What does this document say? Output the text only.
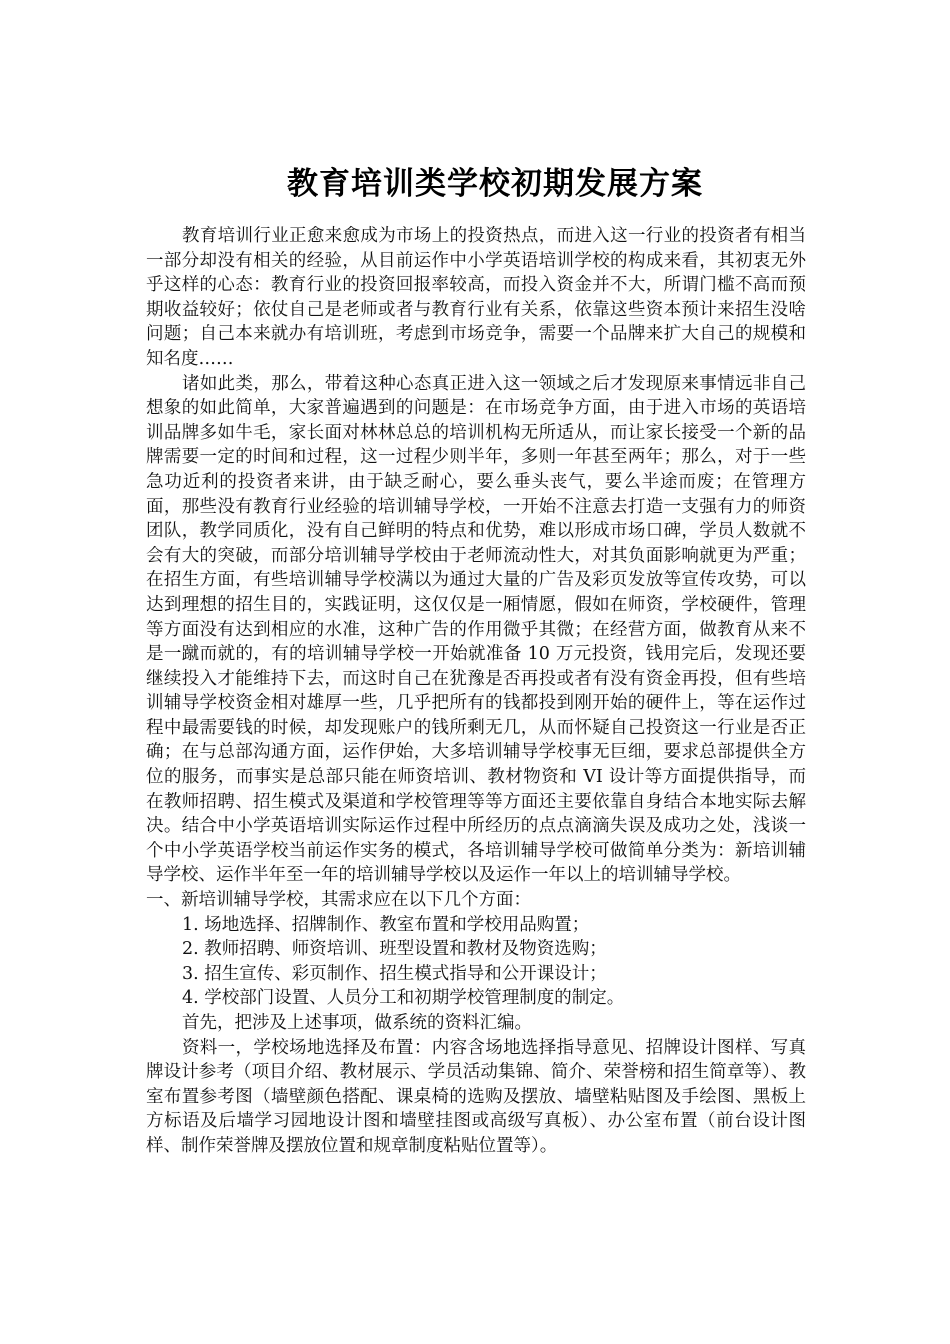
教育培训类学校初期发展方案

教育培训行业正愈来愈成为市场上的投资热点，而进入这一行业的投资者有相当一部分却没有相关的经验，从目前运作中小学英语培训学校的构成来看，其初衷无外乎这样的心态：教育行业的投资回报率较高，而投入资金并不大，所谓门槛不高而预期收益较好；依仗自己是老师或者与教育行业有关系，依靠这些资本预计来招生没啥问题；自己本来就办有培训班，考虑到市场竞争，需要一个品牌来扩大自己的规模和知名度……

诸如此类，那么，带着这种心态真正进入这一领域之后才发现原来事情远非自己想象的如此简单，大家普遍遇到的问题是：在市场竞争方面，由于进入市场的英语培训品牌多如牛毛，家长面对林林总总的培训机构无所适从，而让家长接受一个新的品牌需要一定的时间和过程，这一过程少则半年，多则一年甚至两年；那么，对于一些急功近利的投资者来讲，由于缺乏耐心，要么垂头丧气，要么半途而废；在管理方面，那些没有教育行业经验的培训辅导学校，一开始不注意去打造一支强有力的师资团队，教学同质化，没有自己鲜明的特点和优势，难以形成市场口碑，学员人数就不会有大的突破，而部分培训辅导学校由于老师流动性大，对其负面影响就更为严重；在招生方面，有些培训辅导学校满以为通过大量的广告及彩页发放等宣传攻势，可以达到理想的招生目的，实践证明，这仅仅是一厢情愿，假如在师资，学校硬件，管理等方面没有达到相应的水准，这种广告的作用微乎其微；在经营方面，做教育从来不是一蹴而就的，有的培训辅导学校一开始就准备 10 万元投资，钱用完后，发现还要继续投入才能维持下去，而这时自己在犹豫是否再投或者有没有资金再投，但有些培训辅导学校资金相对雄厚一些，几乎把所有的钱都投到刚开始的硬件上，等在运作过程中最需要钱的时候，却发现账户的钱所剩无几，从而怀疑自己投资这一行业是否正确；在与总部沟通方面，运作伊始，大多培训辅导学校事无巨细，要求总部提供全方位的服务，而事实是总部只能在师资培训、教材物资和 VI 设计等方面提供指导，而在教师招聘、招生模式及渠道和学校管理等等方面还主要依靠自身结合本地实际去解决。结合中小学英语培训实际运作过程中所经历的点点滴滴失误及成功之处，浅谈一个中小学英语学校当前运作实务的模式，各培训辅导学校可做简单分类为：新培训辅导学校、运作半年至一年的培训辅导学校以及运作一年以上的培训辅导学校。

一、新培训辅导学校，其需求应在以下几个方面：

1. 场地选择、招牌制作、教室布置和学校用品购置；

2. 教师招聘、师资培训、班型设置和教材及物资选购；

3. 招生宣传、彩页制作、招生模式指导和公开课设计；

4. 学校部门设置、人员分工和初期学校管理制度的制定。

首先，把涉及上述事项，做系统的资料汇编。

资料一，学校场地选择及布置：内容含场地选择指导意见、招牌设计图样、写真牌设计参考（项目介绍、教材展示、学员活动集锦、简介、荣誉榜和招生简章等）、教室布置参考图（墙壁颜色搭配、课桌椅的选购及摆放、墙壁粘贴图及手绘图、黑板上方标语及后墙学习园地设计图和墙壁挂图或高级写真板）、办公室布置（前台设计图样、制作荣誉牌及摆放位置和规章制度粘贴位置等）。
